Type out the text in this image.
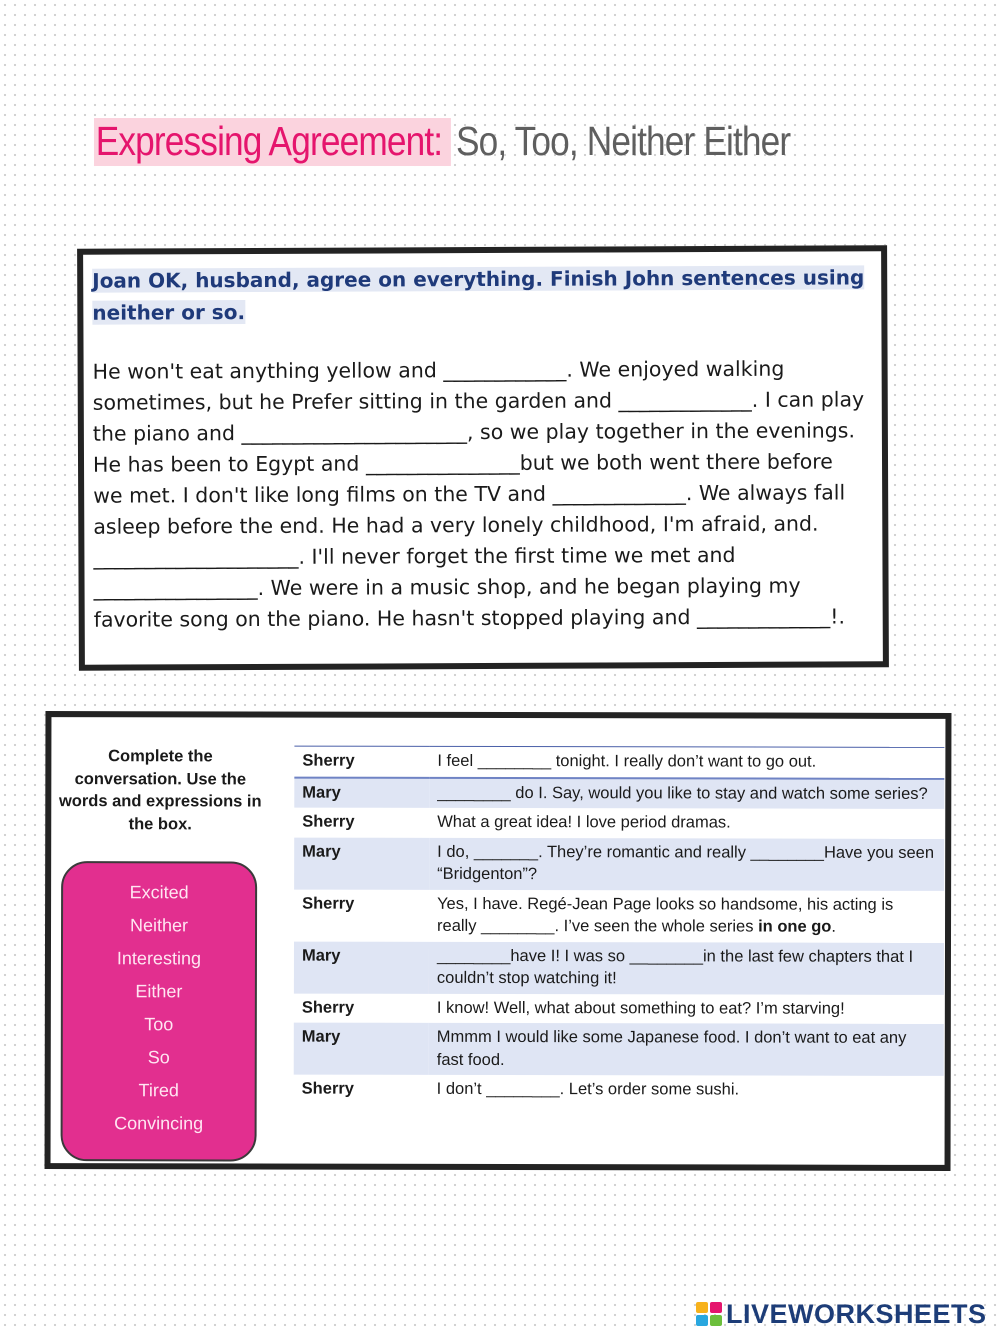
Expressing Agreement: So, Too, Neither Either

Joan OK, husband, agree on everything. Finish John sentences using neither or so.

He won't eat anything yellow and ____________. We enjoyed walking sometimes, but he Prefer sitting in the garden and _____________. I can play the piano and ______________________, so we play together in the evenings. He has been to Egypt and _______________but we both went there before we met. I don't like long films on the TV and _____________. We always fall asleep before the end. He had a very lonely childhood, I'm afraid, and. ____________________. I'll never forget the first time we met and ________________. We were in a music shop, and he began playing my favorite song on the piano. He hasn't stopped playing and _____________!.

Complete the conversation. Use the words and expressions in the box.

Excited
Neither
Interesting
Either
Too
So
Tired
Convincing
Sherry	I feel ________ tonight. I really don’t want to go out.
Mary	________ do I. Say, would you like to stay and watch some series?
Sherry	What a great idea! I love period dramas.
Mary	I do, _______. They’re romantic and really ________Have you seen “Bridgenton”?
Sherry	Yes, I have. Regé-Jean Page looks so handsome, his acting is really ________. I’ve seen the whole series in one go.
Mary	________have I! I was so ________in the last few chapters that I couldn’t stop watching it!
Sherry	I know! Well, what about something to eat? I’m starving!
Mary	Mmmm I would like some Japanese food. I don’t want to eat any fast food.
Sherry	I don’t ________. Let’s order some sushi.
LIVEWORKSHEETS
